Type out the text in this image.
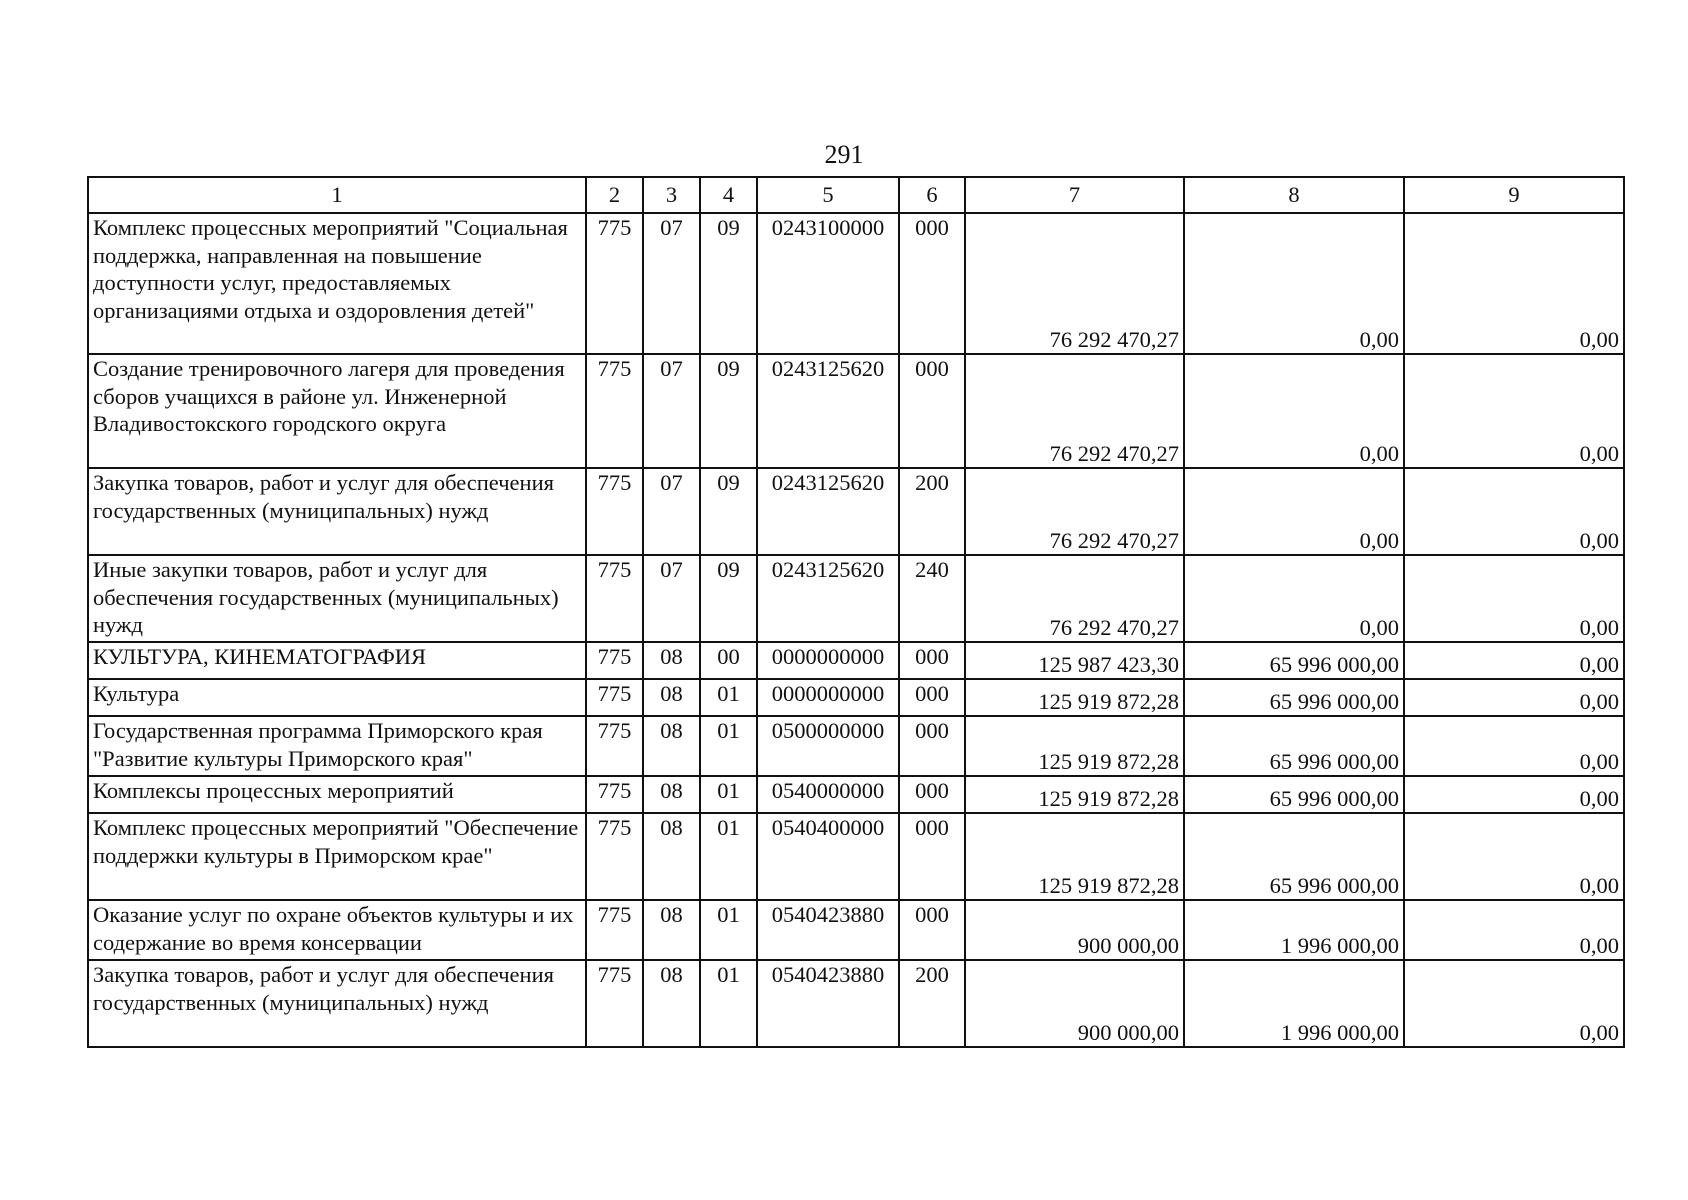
291
1	2	3	4	5	6	7	8	9
Комплекс процессных мероприятий "Социальная поддержка, направленная на повышение доступности услуг, предоставляемых организациями отдыха и оздоровления детей"	775	07	09	0243100000	000	76 292 470,27	0,00	0,00
Создание тренировочного лагеря для проведения сборов учащихся в районе ул. Инженерной Владивостокского городского округа	775	07	09	0243125620	000	76 292 470,27	0,00	0,00
Закупка товаров, работ и услуг для обеспечения государственных (муниципальных) нужд	775	07	09	0243125620	200	76 292 470,27	0,00	0,00
Иные закупки товаров, работ и услуг для обеспечения государственных (муниципальных) нужд	775	07	09	0243125620	240	76 292 470,27	0,00	0,00
КУЛЬТУРА, КИНЕМАТОГРАФИЯ	775	08	00	0000000000	000	125 987 423,30	65 996 000,00	0,00
Культура	775	08	01	0000000000	000	125 919 872,28	65 996 000,00	0,00
Государственная программа Приморского края "Развитие культуры Приморского края"	775	08	01	0500000000	000	125 919 872,28	65 996 000,00	0,00
Комплексы процессных мероприятий	775	08	01	0540000000	000	125 919 872,28	65 996 000,00	0,00
Комплекс процессных мероприятий "Обеспечение поддержки культуры в Приморском крае"	775	08	01	0540400000	000	125 919 872,28	65 996 000,00	0,00
Оказание услуг по охране объектов культуры и их содержание во время консервации	775	08	01	0540423880	000	900 000,00	1 996 000,00	0,00
Закупка товаров, работ и услуг для обеспечения государственных (муниципальных) нужд	775	08	01	0540423880	200	900 000,00	1 996 000,00	0,00
